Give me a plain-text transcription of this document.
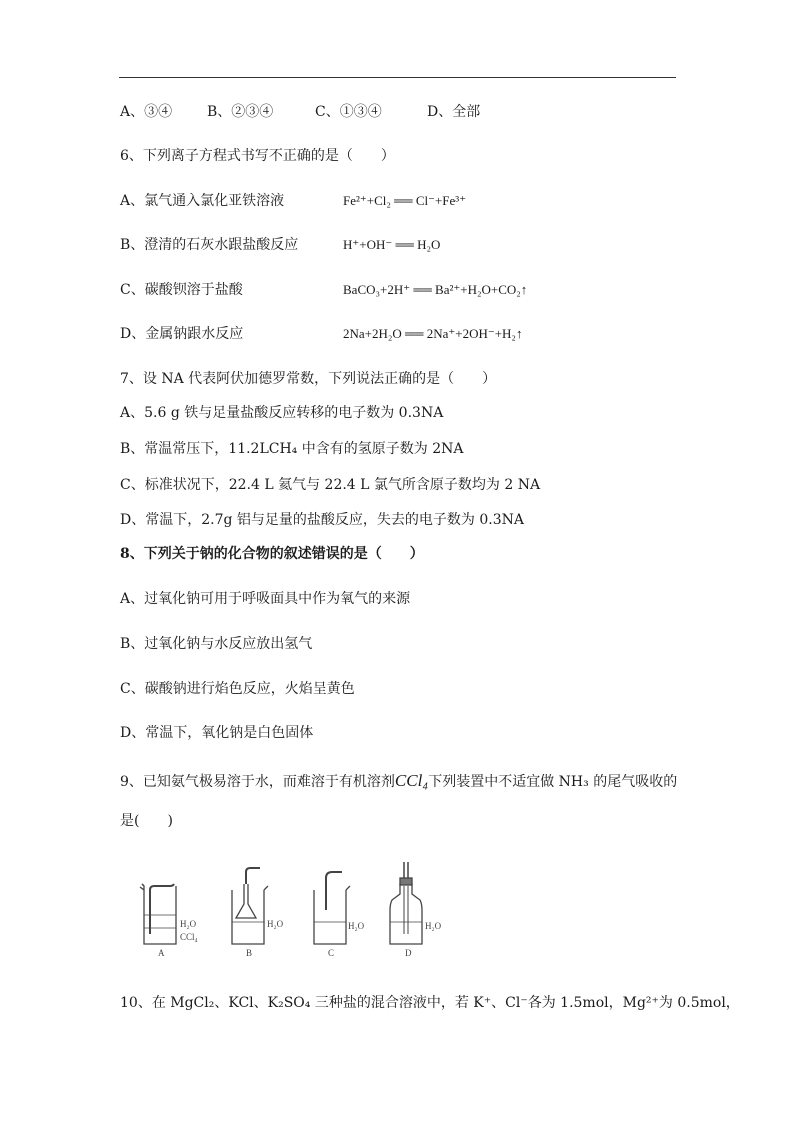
A、③④ B、②③④	C、①③④	D、全部
6、下列离子方程式书写不正确的是（　　）
A、氯气通入氯化亚铁溶液	Fe²⁺+Cl₂ ══ Cl⁻+Fe³⁺
B、澄清的石灰水跟盐酸反应	H⁺+OH⁻ ══ H₂O
C、碳酸钡溶于盐酸	BaCO₃+2H⁺ ══ Ba²⁺+H₂O+CO₂↑
D、金属钠跟水反应	2Na+2H₂O ══ 2Na⁺+2OH⁻+H₂↑
7、设 NA 代表阿伏加德罗常数，下列说法正确的是（　　）
A、5.6 g 铁与足量盐酸反应转移的电子数为 0.3NA
B、常温常压下，11.2LCH₄ 中含有的氢原子数为 2NA
C、标准状况下，22.4 L 氦气与 22.4 L 氯气所含原子数均为 2 NA
D、常温下，2.7g 铝与足量的盐酸反应，失去的电子数为 0.3NA
8、下列关于钠的化合物的叙述错误的是（　　）
A、过氧化钠可用于呼吸面具中作为氧气的来源
B、过氧化钠与水反应放出氢气
C、碳酸钠进行焰色反应，火焰呈黄色
D、常温下，氧化钠是白色固体
9、已知氨气极易溶于水，而难溶于有机溶剂CCl₄下列装置中不适宜做 NH₃ 的尾气吸收的
是(　　)
H₂O
CCl₄
H₂O	H₂O	H₂O
A	B	C	D
10、在 MgCl₂、KCl、K₂SO₄ 三种盐的混合溶液中，若 K⁺、Cl⁻各为 1.5mol，Mg²⁺为 0.5mol，
